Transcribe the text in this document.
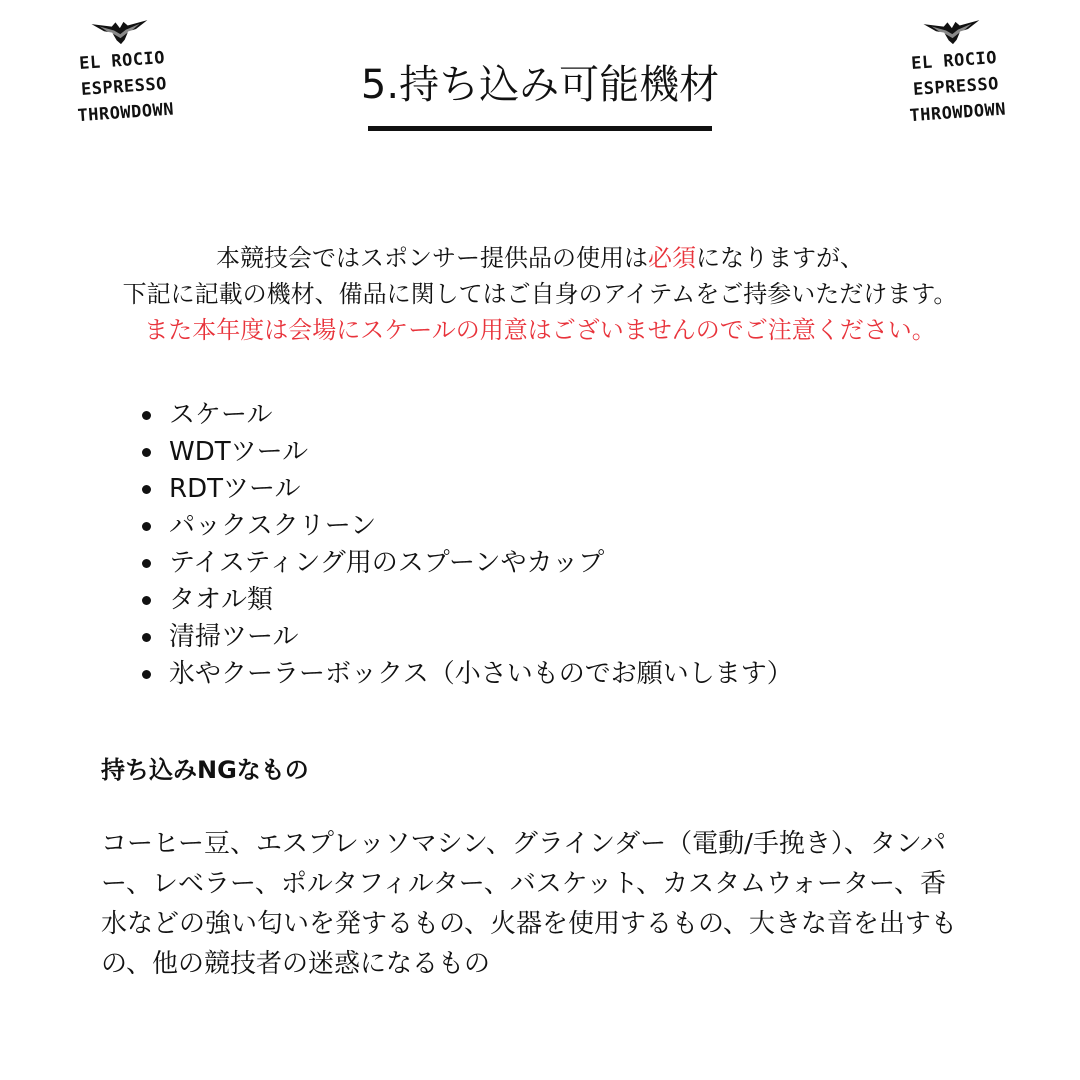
EL ROCIO
ESPRESSO
THROWDOWN
EL ROCIO
ESPRESSO
THROWDOWN
5.持ち込み可能機材

本競技会ではスポンサー提供品の使用は必須になりますが、

下記に記載の機材、備品に関してはご自身のアイテムをご持参いただけます。

また本年度は会場にスケールの用意はございませんのでご注意ください。

スケール
WDTツール
RDTツール
パックスクリーン
テイスティング用のスプーンやカップ
タオル類
清掃ツール
氷やクーラーボックス（小さいものでお願いします）
持ち込みNGなもの

コーヒー豆、エスプレッソマシン、グラインダー（電動/手挽き）、タンパー、レベラー、ポルタフィルター、バスケット、カスタムウォーター、香水などの強い匂いを発するもの、火器を使用するもの、大きな音を出すもの、他の競技者の迷惑になるもの
